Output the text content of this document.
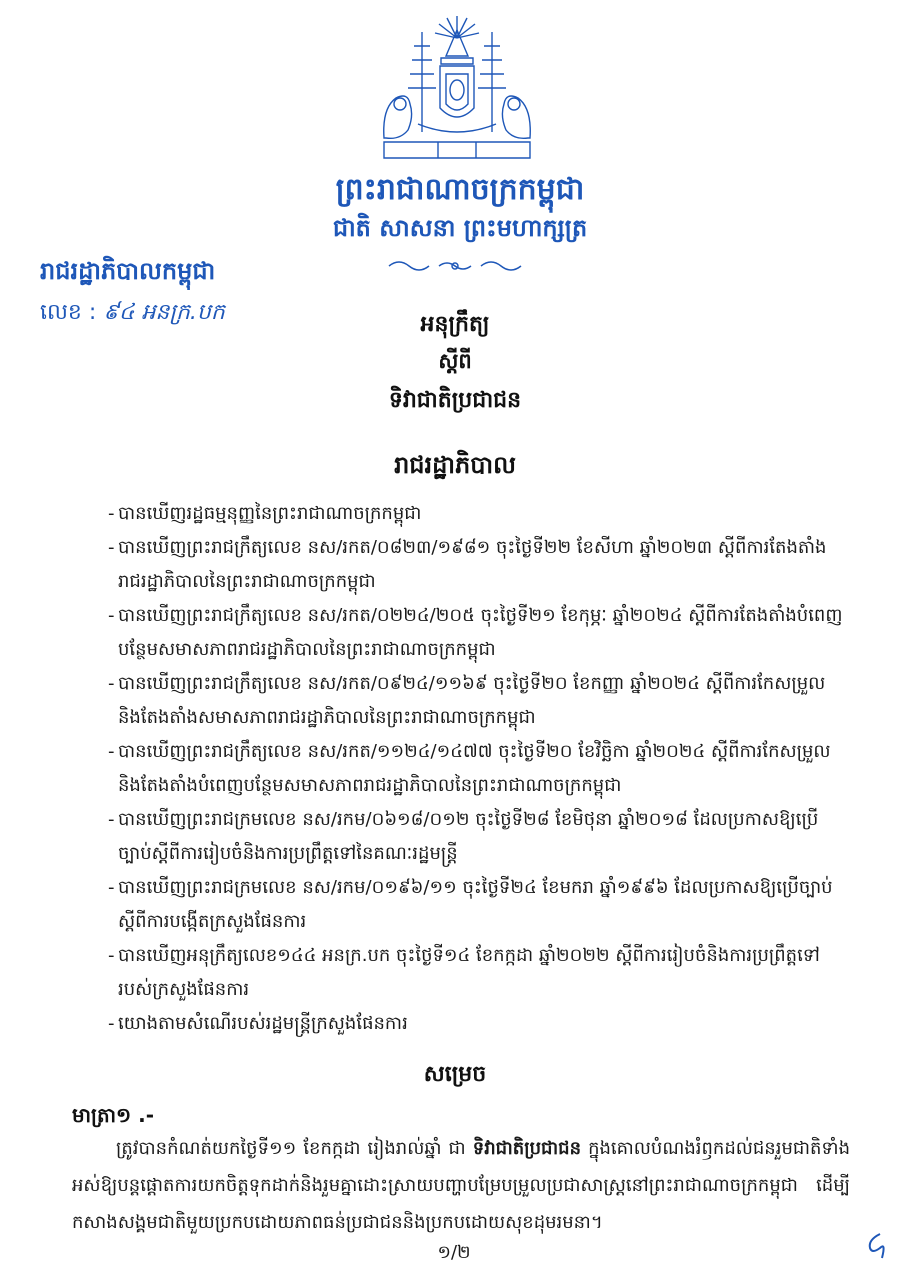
ព្រះរាជាណាចក្រកម្ពុជា
ជាតិ សាសនា ព្រះមហាក្សត្រ
រាជរដ្ឋាភិបាលកម្ពុជា
លេខ : ៩៤ អនក្រ.បក	អនុក្រឹត្យ
ស្តីពី
ទិវាជាតិប្រជាជន
រាជរដ្ឋាភិបាល
- បានឃើញរដ្ឋធម្មនុញ្ញនៃព្រះរាជាណាចក្រកម្ពុជា
- បានឃើញព្រះរាជក្រឹត្យលេខ នស/រកត/០៨២៣/១៩៨១ ចុះថ្ងៃទី២២ ខែសីហា ឆ្នាំ២០២៣ ស្តីពីការតែងតាំងរាជរដ្ឋាភិបាលនៃព្រះរាជាណាចក្រកម្ពុជា
- បានឃើញព្រះរាជក្រឹត្យលេខ នស/រកត/០២២៤/២០៥ ចុះថ្ងៃទី២១ ខែកុម្ភៈ ឆ្នាំ២០២៤ ស្តីពីការតែងតាំងបំពេញបន្ថែមសមាសភាពរាជរដ្ឋាភិបាលនៃព្រះរាជាណាចក្រកម្ពុជា
- បានឃើញព្រះរាជក្រឹត្យលេខ នស/រកត/០៩២៤/១១៦៩ ចុះថ្ងៃទី២០ ខែកញ្ញា ឆ្នាំ២០២៤ ស្តីពីការកែសម្រួលនិងតែងតាំងសមាសភាពរាជរដ្ឋាភិបាលនៃព្រះរាជាណាចក្រកម្ពុជា
- បានឃើញព្រះរាជក្រឹត្យលេខ នស/រកត/១១២៤/១៤៧៧ ចុះថ្ងៃទី២០ ខែវិច្ឆិកា ឆ្នាំ២០២៤ ស្តីពីការកែសម្រួលនិងតែងតាំងបំពេញបន្ថែមសមាសភាពរាជរដ្ឋាភិបាលនៃព្រះរាជាណាចក្រកម្ពុជា
- បានឃើញព្រះរាជក្រមលេខ នស/រកម/០៦១៨/០១២ ចុះថ្ងៃទី២៨ ខែមិថុនា ឆ្នាំ២០១៨ ដែលប្រកាសឱ្យប្រើច្បាប់ស្តីពីការរៀបចំនិងការប្រព្រឹត្តទៅនៃគណៈរដ្ឋមន្ត្រី
- បានឃើញព្រះរាជក្រមលេខ នស/រកម/០១៩៦/១១ ចុះថ្ងៃទី២៤ ខែមករា ឆ្នាំ១៩៩៦ ដែលប្រកាសឱ្យប្រើច្បាប់ស្តីពីការបង្កើតក្រសួងផែនការ
- បានឃើញអនុក្រឹត្យលេខ១៤៤ អនក្រ.បក ចុះថ្ងៃទី១៤ ខែកក្កដា ឆ្នាំ២០២២ ស្តីពីការរៀបចំនិងការប្រព្រឹត្តទៅរបស់ក្រសួងផែនការ
- យោងតាមសំណើរបស់រដ្ឋមន្ត្រីក្រសួងផែនការ
សម្រេច
មាត្រា១ .-
ត្រូវបានកំណត់យកថ្ងៃទី១១ ខែកក្កដា រៀងរាល់ឆ្នាំ ជា ទិវាជាតិប្រជាជន ក្នុងគោលបំណងរំឭកដល់ជនរួមជាតិទាំងអស់ឱ្យបន្តផ្តោតការយកចិត្តទុកដាក់និងរួមគ្នាដោះស្រាយបញ្ហាបម្រែបម្រួលប្រជាសាស្ត្រនៅព្រះរាជាណាចក្រកម្ពុជា ដើម្បីកសាងសង្គមជាតិមួយប្រកបដោយភាពធន់ប្រជាជននិងប្រកបដោយសុខដុមរមនា។
១/២
